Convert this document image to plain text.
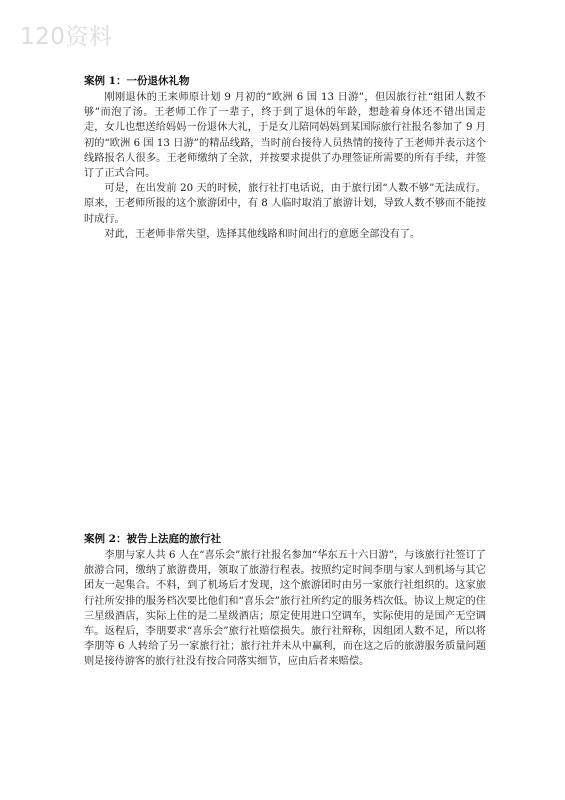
120资料
案例 1：一份退休礼物

刚刚退休的王来师原计划 9 月初的“欧洲 6 国 13 日游”，但因旅行社“组团人数不够”而泡了汤。王老师工作了一辈子，终于到了退休的年龄，想趁着身体还不错出国走走，女儿也想送给妈妈一份退休大礼，于是女儿陪同妈妈到某国际旅行社报名参加了 9 月初的“欧洲 6 国 13 日游”的精品线路，当时前台接待人员热情的接待了王老师并表示这个线路报名人很多。王老师缴纳了全款，并按要求提供了办理签证所需要的所有手续，并签订了正式合同。

可是，在出发前 20 天的时候，旅行社打电话说，由于旅行团“人数不够”无法成行。原来，王老师所报的这个旅游团中，有 8 人临时取消了旅游计划，导致人数不够而不能按时成行。

对此，王老师非常失望，选择其他线路和时间出行的意愿全部没有了。

案例 2：被告上法庭的旅行社

李朋与家人共 6 人在“喜乐会”旅行社报名参加“华东五十六日游”，与该旅行社签订了旅游合同，缴纳了旅游费用，领取了旅游行程表。按照约定时间李朋与家人到机场与其它团友一起集合。不料，到了机场后才发现，这个旅游团时由另一家旅行社组织的。这家旅行社所安排的服务档次要比他们和“喜乐会”旅行社所约定的服务档次低。协议上规定的住三星级酒店，实际上住的是二星级酒店；原定使用进口空调车，实际使用的是国产无空调车。返程后，李朋要求“喜乐会”旅行社赔偿损失。旅行社辩称，因组团人数不足，所以将李朋等 6 人转给了另一家旅行社；旅行社并未从中赢利，而在这之后的旅游服务质量问题则是接待游客的旅行社没有按合同落实细节，应由后者来赔偿。
